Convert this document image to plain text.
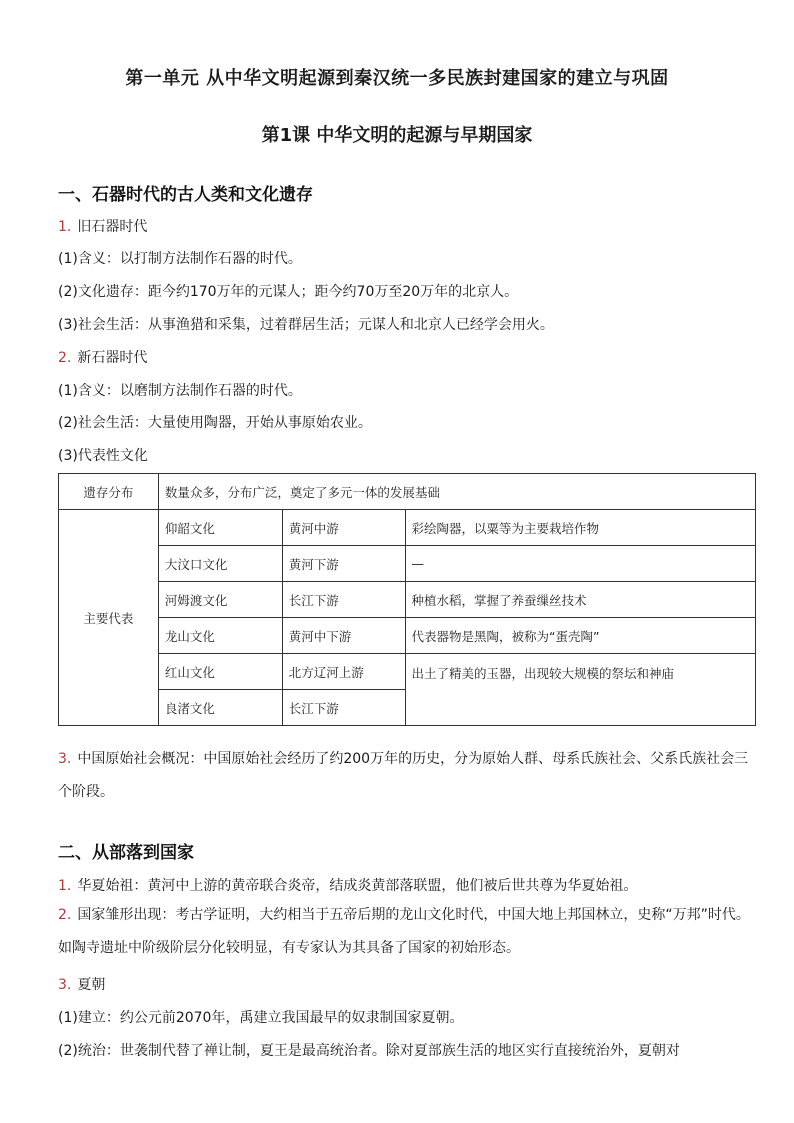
第一单元 从中华文明起源到秦汉统一多民族封建国家的建立与巩固
第1课 中华文明的起源与早期国家
一、石器时代的古人类和文化遗存
1. 旧石器时代
(1)含义：以打制方法制作石器的时代。
(2)文化遗存：距今约170万年的元谋人；距今约70万至20万年的北京人。
(3)社会生活：从事渔猎和采集，过着群居生活；元谋人和北京人已经学会用火。
2. 新石器时代
(1)含义：以磨制方法制作石器的时代。
(2)社会生活：大量使用陶器，开始从事原始农业。
(3)代表性文化
遗存分布	数量众多，分布广泛，奠定了多元一体的发展基础		
主要代表	仰韶文化	黄河中游	彩绘陶器，以粟等为主要栽培作物
	大汶口文化	黄河下游	—
	河姆渡文化	长江下游	种植水稻，掌握了养蚕缫丝技术
	龙山文化	黄河中下游	代表器物是黑陶，被称为“蛋壳陶”
	红山文化	北方辽河上游	出土了精美的玉器，出现较大规模的祭坛和神庙
	良渚文化	长江下游	
3. 中国原始社会概况：中国原始社会经历了约200万年的历史，分为原始人群、母系氏族社会、父系氏族社会三个阶段。
二、从部落到国家
1. 华夏始祖：黄河中上游的黄帝联合炎帝，结成炎黄部落联盟，他们被后世共尊为华夏始祖。
2. 国家雏形出现：考古学证明，大约相当于五帝后期的龙山文化时代，中国大地上邦国林立，史称“万邦”时代。如陶寺遗址中阶级阶层分化较明显，有专家认为其具备了国家的初始形态。
3. 夏朝
(1)建立：约公元前2070年，禹建立我国最早的奴隶制国家夏朝。
(2)统治：世袭制代替了禅让制，夏王是最高统治者。除对夏部族生活的地区实行直接统治外，夏朝对
